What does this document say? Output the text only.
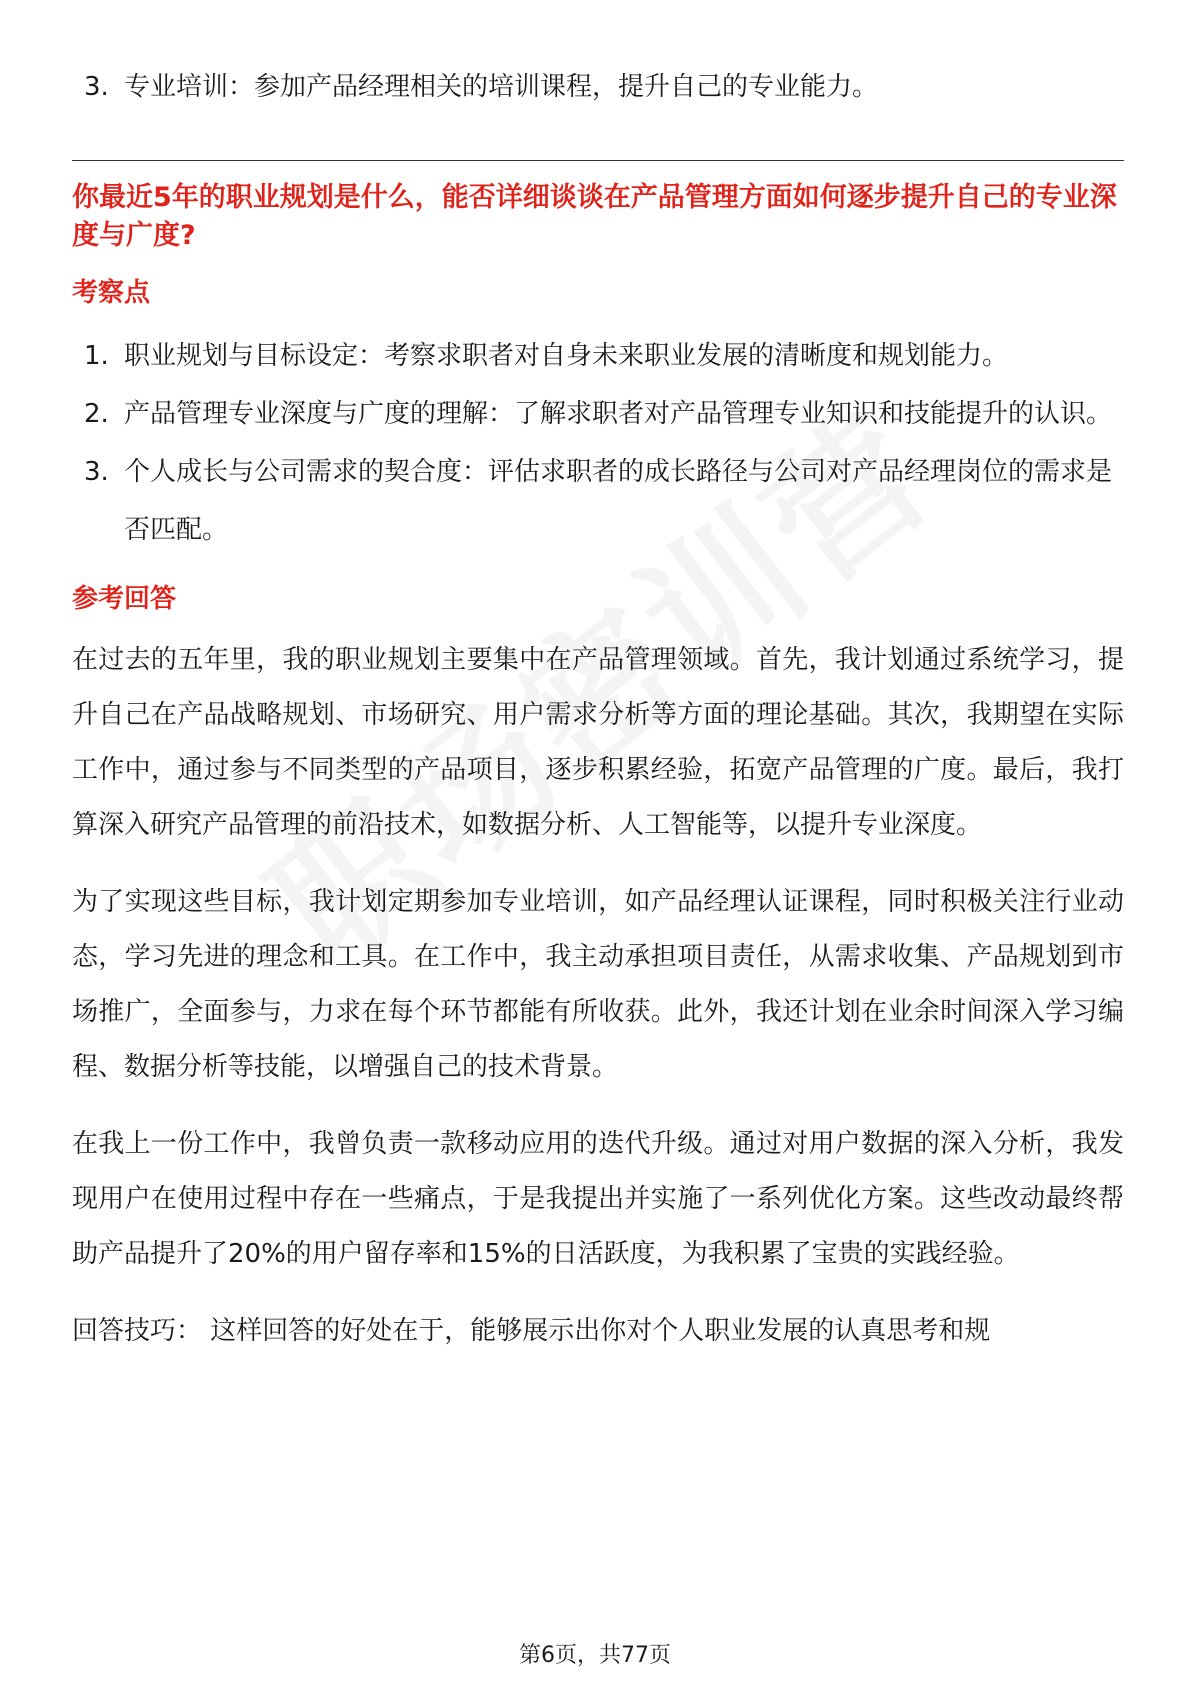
3. 专业培训：参加产品经理相关的培训课程，提升自己的专业能力。

你最近5年的职业规划是什么，能否详细谈谈在产品管理方面如何逐步提升自己的专业深度与广度?

考察点
1. 职业规划与目标设定：考察求职者对自身未来职业发展的清晰度和规划能力。
2. 产品管理专业深度与广度的理解：了解求职者对产品管理专业知识和技能提升的认识。
3. 个人成长与公司需求的契合度：评估求职者的成长路径与公司对产品经理岗位的需求是否匹配。
参考回答

在过去的五年里，我的职业规划主要集中在产品管理领域。首先，我计划通过系统学习，提升自己在产品战略规划、市场研究、用户需求分析等方面的理论基础。其次，我期望在实际工作中，通过参与不同类型的产品项目，逐步积累经验，拓宽产品管理的广度。最后，我打算深入研究产品管理的前沿技术，如数据分析、人工智能等，以提升专业深度。

为了实现这些目标，我计划定期参加专业培训，如产品经理认证课程，同时积极关注行业动态，学习先进的理念和工具。在工作中，我主动承担项目责任，从需求收集、产品规划到市场推广，全面参与，力求在每个环节都能有所收获。此外，我还计划在业余时间深入学习编程、数据分析等技能，以增强自己的技术背景。

在我上一份工作中，我曾负责一款移动应用的迭代升级。通过对用户数据的深入分析，我发现用户在使用过程中存在一些痛点，于是我提出并实施了一系列优化方案。这些改动最终帮助产品提升了20%的用户留存率和15%的日活跃度，为我积累了宝贵的实践经验。

回答技巧： 这样回答的好处在于，能够展示出你对个人职业发展的认真思考和规

第6页，共77页
